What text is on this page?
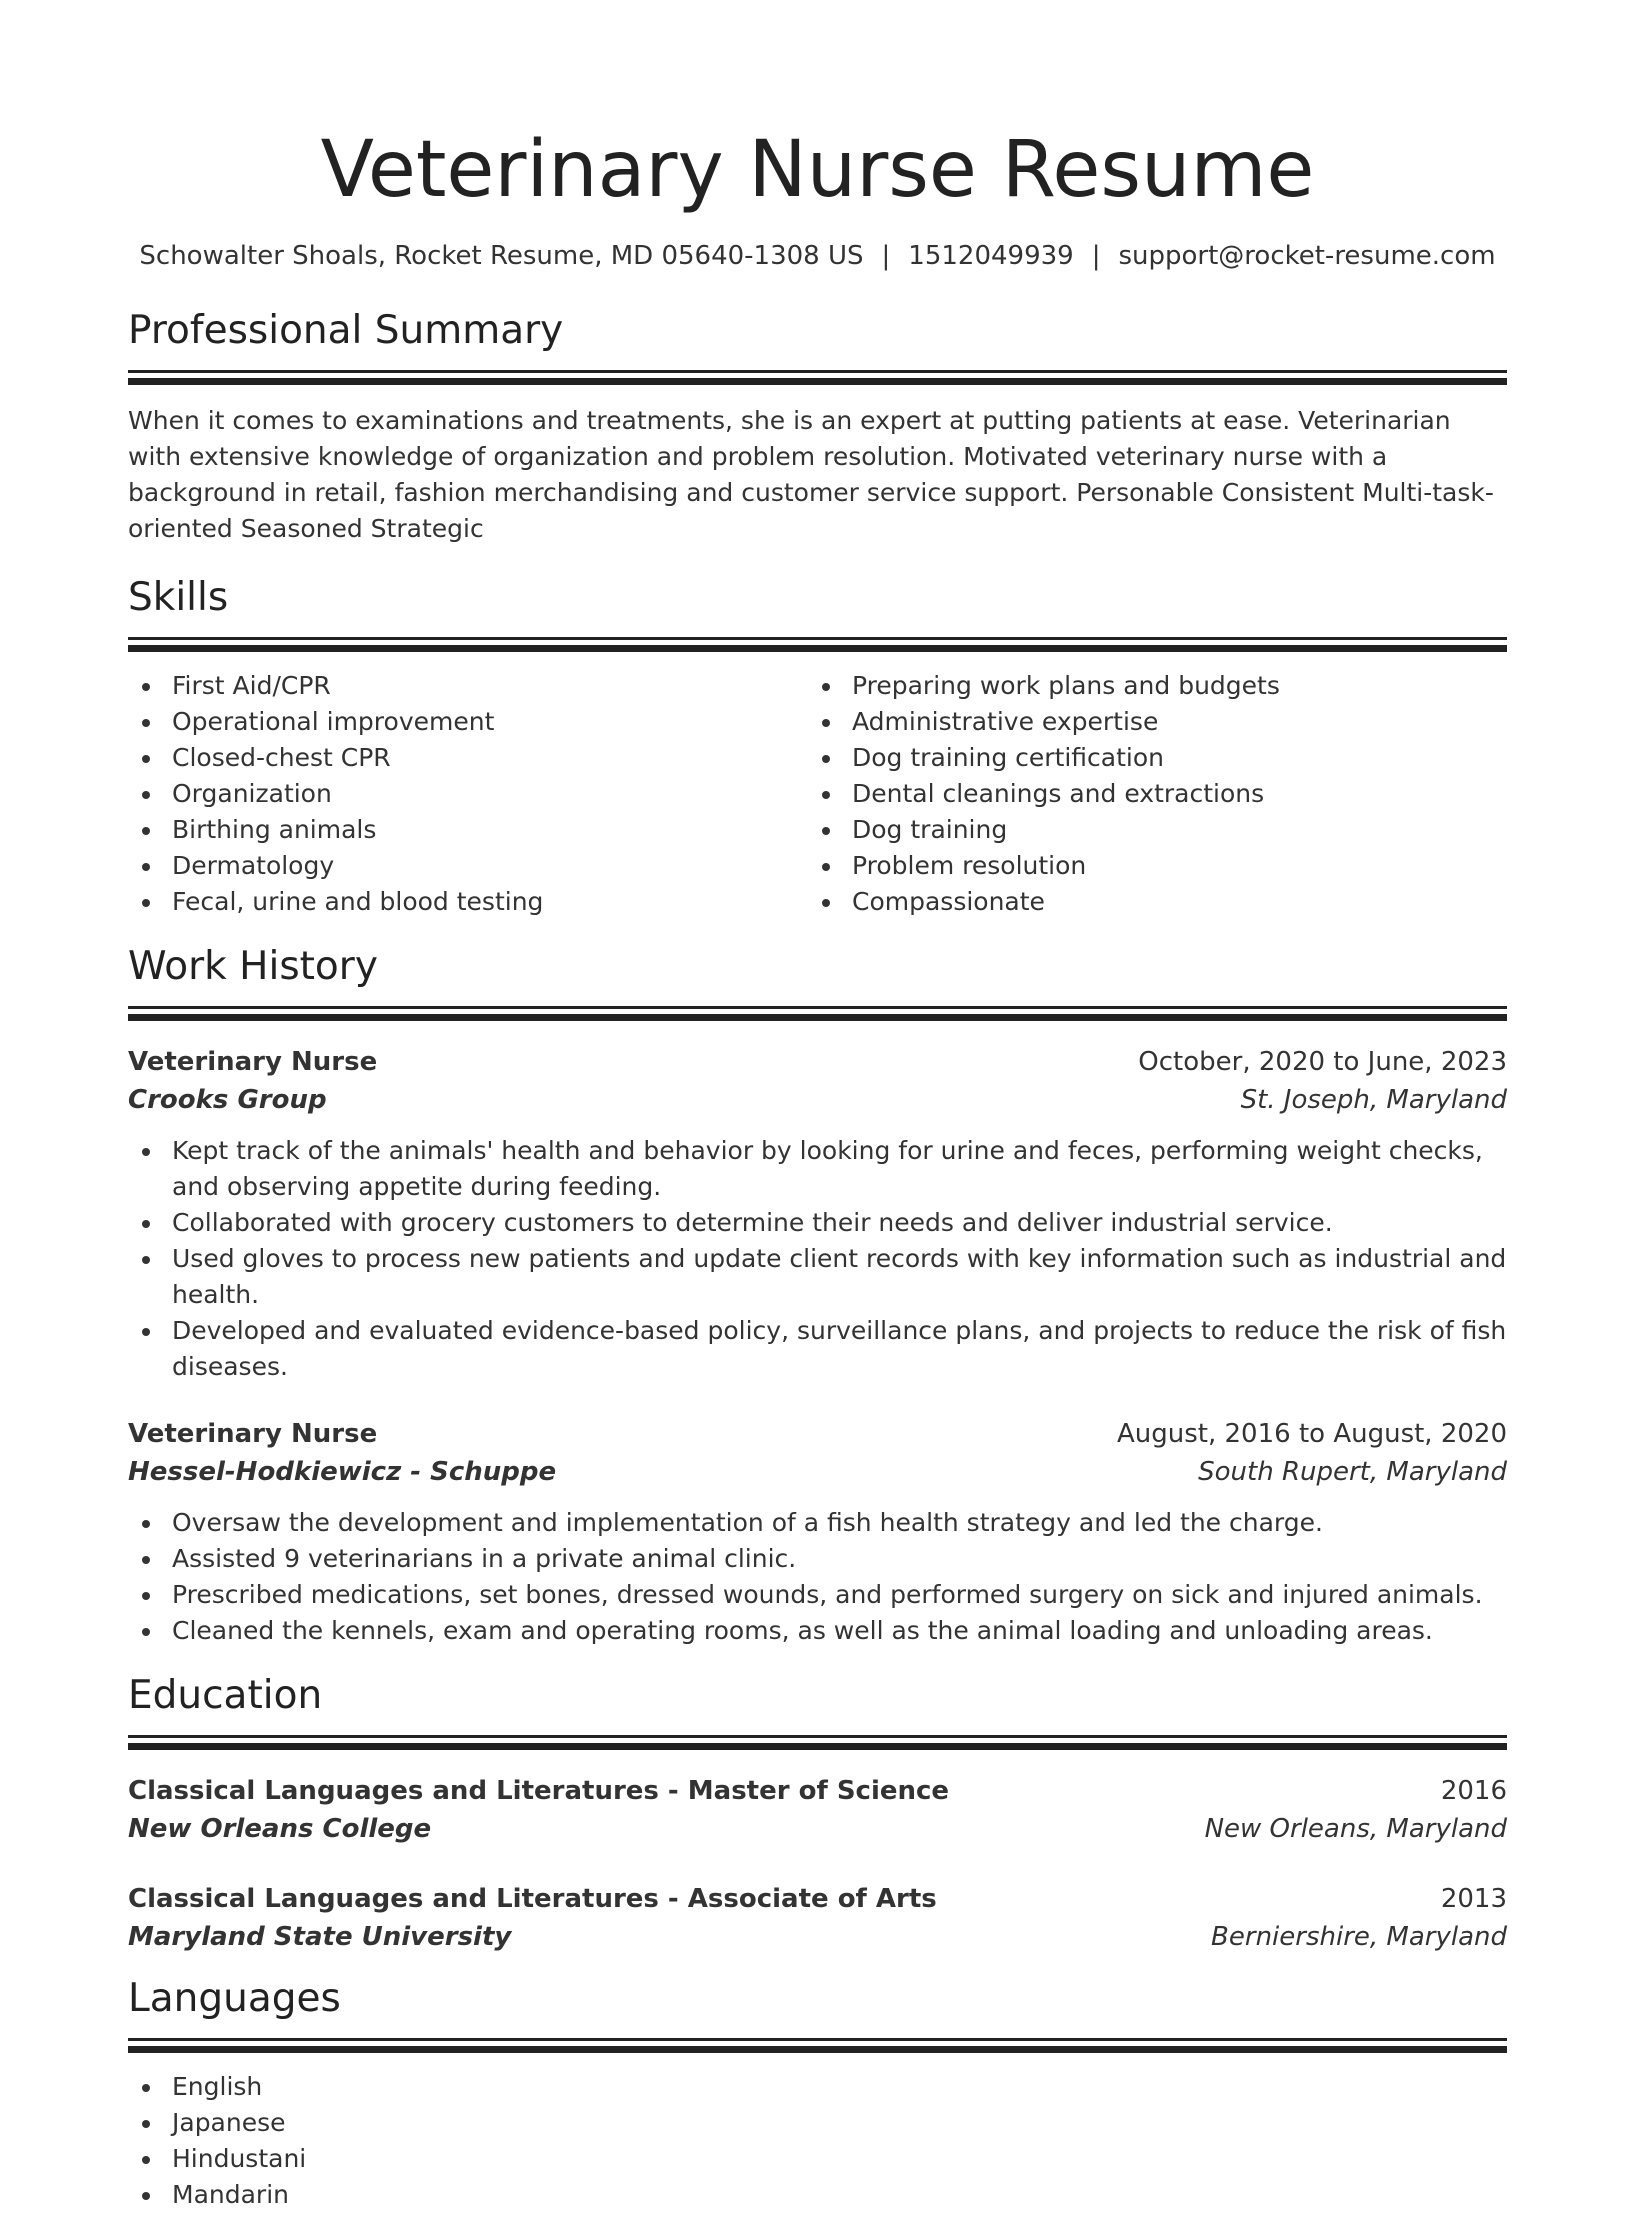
Veterinary Nurse Resume
Schowalter Shoals, Rocket Resume, MD 05640-1308 US | 1512049939 | support@rocket-resume.com
Professional Summary

When it comes to examinations and treatments, she is an expert at putting patients at ease. Veterinarian with extensive knowledge of organization and problem resolution. Motivated veterinary nurse with a background in retail, fashion merchandising and customer service support. Personable Consistent Multi-task-oriented Seasoned Strategic

Skills
First Aid/CPR
Operational improvement
Closed-chest CPR
Organization
Birthing animals
Dermatology
Fecal, urine and blood testing
Preparing work plans and budgets
Administrative expertise
Dog training certification
Dental cleanings and extractions
Dog training
Problem resolution
Compassionate
Work History
Veterinary Nurse	October, 2020 to June, 2023
Crooks Group	St. Joseph, Maryland
Kept track of the animals' health and behavior by looking for urine and feces, performing weight checks, and observing appetite during feeding.
Collaborated with grocery customers to determine their needs and deliver industrial service.
Used gloves to process new patients and update client records with key information such as industrial and health.
Developed and evaluated evidence-based policy, surveillance plans, and projects to reduce the risk of fish diseases.
Veterinary Nurse	August, 2016 to August, 2020
Hessel-Hodkiewicz - Schuppe	South Rupert, Maryland
Oversaw the development and implementation of a fish health strategy and led the charge.
Assisted 9 veterinarians in a private animal clinic.
Prescribed medications, set bones, dressed wounds, and performed surgery on sick and injured animals.
Cleaned the kennels, exam and operating rooms, as well as the animal loading and unloading areas.
Education
Classical Languages and Literatures - Master of Science	2016
New Orleans College	New Orleans, Maryland
Classical Languages and Literatures - Associate of Arts	2013
Maryland State University	Berniershire, Maryland
Languages
English
Japanese
Hindustani
Mandarin
